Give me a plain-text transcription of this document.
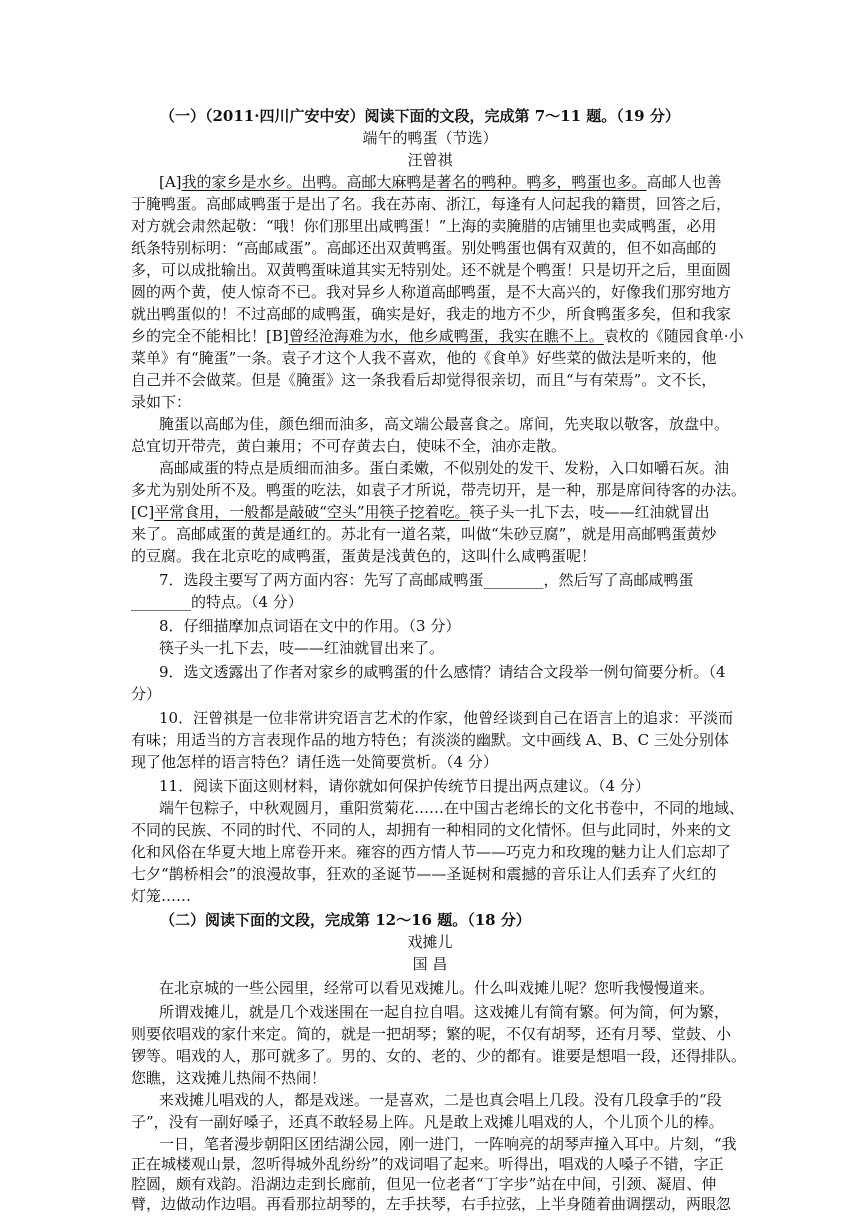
（一）（2011·四川广安中安）阅读下面的文段，完成第 7～11 题。（19 分）
端午的鸭蛋（节选）
汪曾祺
[A]我的家乡是水乡。出鸭。高邮大麻鸭是著名的鸭种。鸭多，鸭蛋也多。高邮人也善
于腌鸭蛋。高邮咸鸭蛋于是出了名。我在苏南、浙江，每逢有人问起我的籍贯，回答之后，
对方就会肃然起敬：“哦！你们那里出咸鸭蛋！”上海的卖腌腊的店铺里也卖咸鸭蛋，必用
纸条特别标明：“高邮咸蛋”。高邮还出双黄鸭蛋。别处鸭蛋也偶有双黄的，但不如高邮的
多，可以成批输出。双黄鸭蛋味道其实无特别处。还不就是个鸭蛋！只是切开之后，里面圆
圆的两个黄，使人惊奇不已。我对异乡人称道高邮鸭蛋，是不大高兴的，好像我们那穷地方
就出鸭蛋似的！不过高邮的咸鸭蛋，确实是好，我走的地方不少，所食鸭蛋多矣，但和我家
乡的完全不能相比！[B]曾经沧海难为水，他乡咸鸭蛋，我实在瞧不上。袁枚的《随园食单·小
菜单》有“腌蛋”一条。袁子才这个人我不喜欢，他的《食单》好些菜的做法是听来的，他
自己并不会做菜。但是《腌蛋》这一条我看后却觉得很亲切，而且“与有荣焉”。文不长，
录如下：
腌蛋以高邮为佳，颜色细而油多，高文端公最喜食之。席间，先夹取以敬客，放盘中。
总宜切开带壳，黄白兼用；不可存黄去白，使味不全，油亦走散。
高邮咸蛋的特点是质细而油多。蛋白柔嫩，不似别处的发干、发粉，入口如嚼石灰。油
多尤为别处所不及。鸭蛋的吃法，如袁子才所说，带壳切开，是一种，那是席间待客的办法。
[C]平常食用，一般都是敲破“空头”用筷子挖着吃。筷子头一扎下去，吱——红油就冒出
来了。高邮咸蛋的黄是通红的。苏北有一道名菜，叫做“朱砂豆腐”，就是用高邮鸭蛋黄炒
的豆腐。我在北京吃的咸鸭蛋，蛋黄是浅黄色的，这叫什么咸鸭蛋呢！
7．选段主要写了两方面内容：先写了高邮咸鸭蛋________，然后写了高邮咸鸭蛋
________的特点。（4 分）
8．仔细描摩加点词语在文中的作用。（3 分）
筷子头一扎下去，吱——红油就冒出来了。
9．选文透露出了作者对家乡的咸鸭蛋的什么感情？请结合文段举一例句简要分析。（4
分）
10．汪曾祺是一位非常讲究语言艺术的作家，他曾经谈到自己在语言上的追求：平淡而
有味；用适当的方言表现作品的地方特色；有淡淡的幽默。文中画线 A、B、C 三处分别体
现了他怎样的语言特色？请任选一处简要赏析。（4 分）
11．阅读下面这则材料，请你就如何保护传统节日提出两点建议。（4 分）
端午包粽子，中秋观圆月，重阳赏菊花……在中国古老绵长的文化书卷中，不同的地域、
不同的民族、不同的时代、不同的人，却拥有一种相同的文化情怀。但与此同时，外来的文
化和风俗在华夏大地上席卷开来。雍容的西方情人节——巧克力和玫瑰的魅力让人们忘却了
七夕“鹊桥相会”的浪漫故事，狂欢的圣诞节——圣诞树和震撼的音乐让人们丢弃了火红的
灯笼……
（二）阅读下面的文段，完成第 12～16 题。（18 分）
戏摊儿
国 昌
在北京城的一些公园里，经常可以看见戏摊儿。什么叫戏摊儿呢？您听我慢慢道来。
所谓戏摊儿，就是几个戏迷围在一起自拉自唱。这戏摊儿有简有繁。何为简，何为繁，
则要依唱戏的家什来定。简的，就是一把胡琴；繁的呢，不仅有胡琴，还有月琴、堂鼓、小
锣等。唱戏的人，那可就多了。男的、女的、老的、少的都有。谁要是想唱一段，还得排队。
您瞧，这戏摊儿热闹不热闹！
来戏摊儿唱戏的人，都是戏迷。一是喜欢，二是也真会唱上几段。没有几段拿手的“段
子”，没有一副好嗓子，还真不敢轻易上阵。凡是敢上戏摊儿唱戏的人，个儿顶个儿的棒。
一日，笔者漫步朝阳区团结湖公园，刚一进门，一阵响亮的胡琴声撞入耳中。片刻，“我
正在城楼观山景，忽听得城外乱纷纷”的戏词唱了起来。听得出，唱戏的人嗓子不错，字正
腔圆，颇有戏韵。沿湖边走到长廊前，但见一位老者“丁字步”站在中间，引颈、凝眉、伸
臂，边做动作边唱。再看那拉胡琴的，左手扶琴，右手拉弦，上半身随着曲调摆动，两眼忽
